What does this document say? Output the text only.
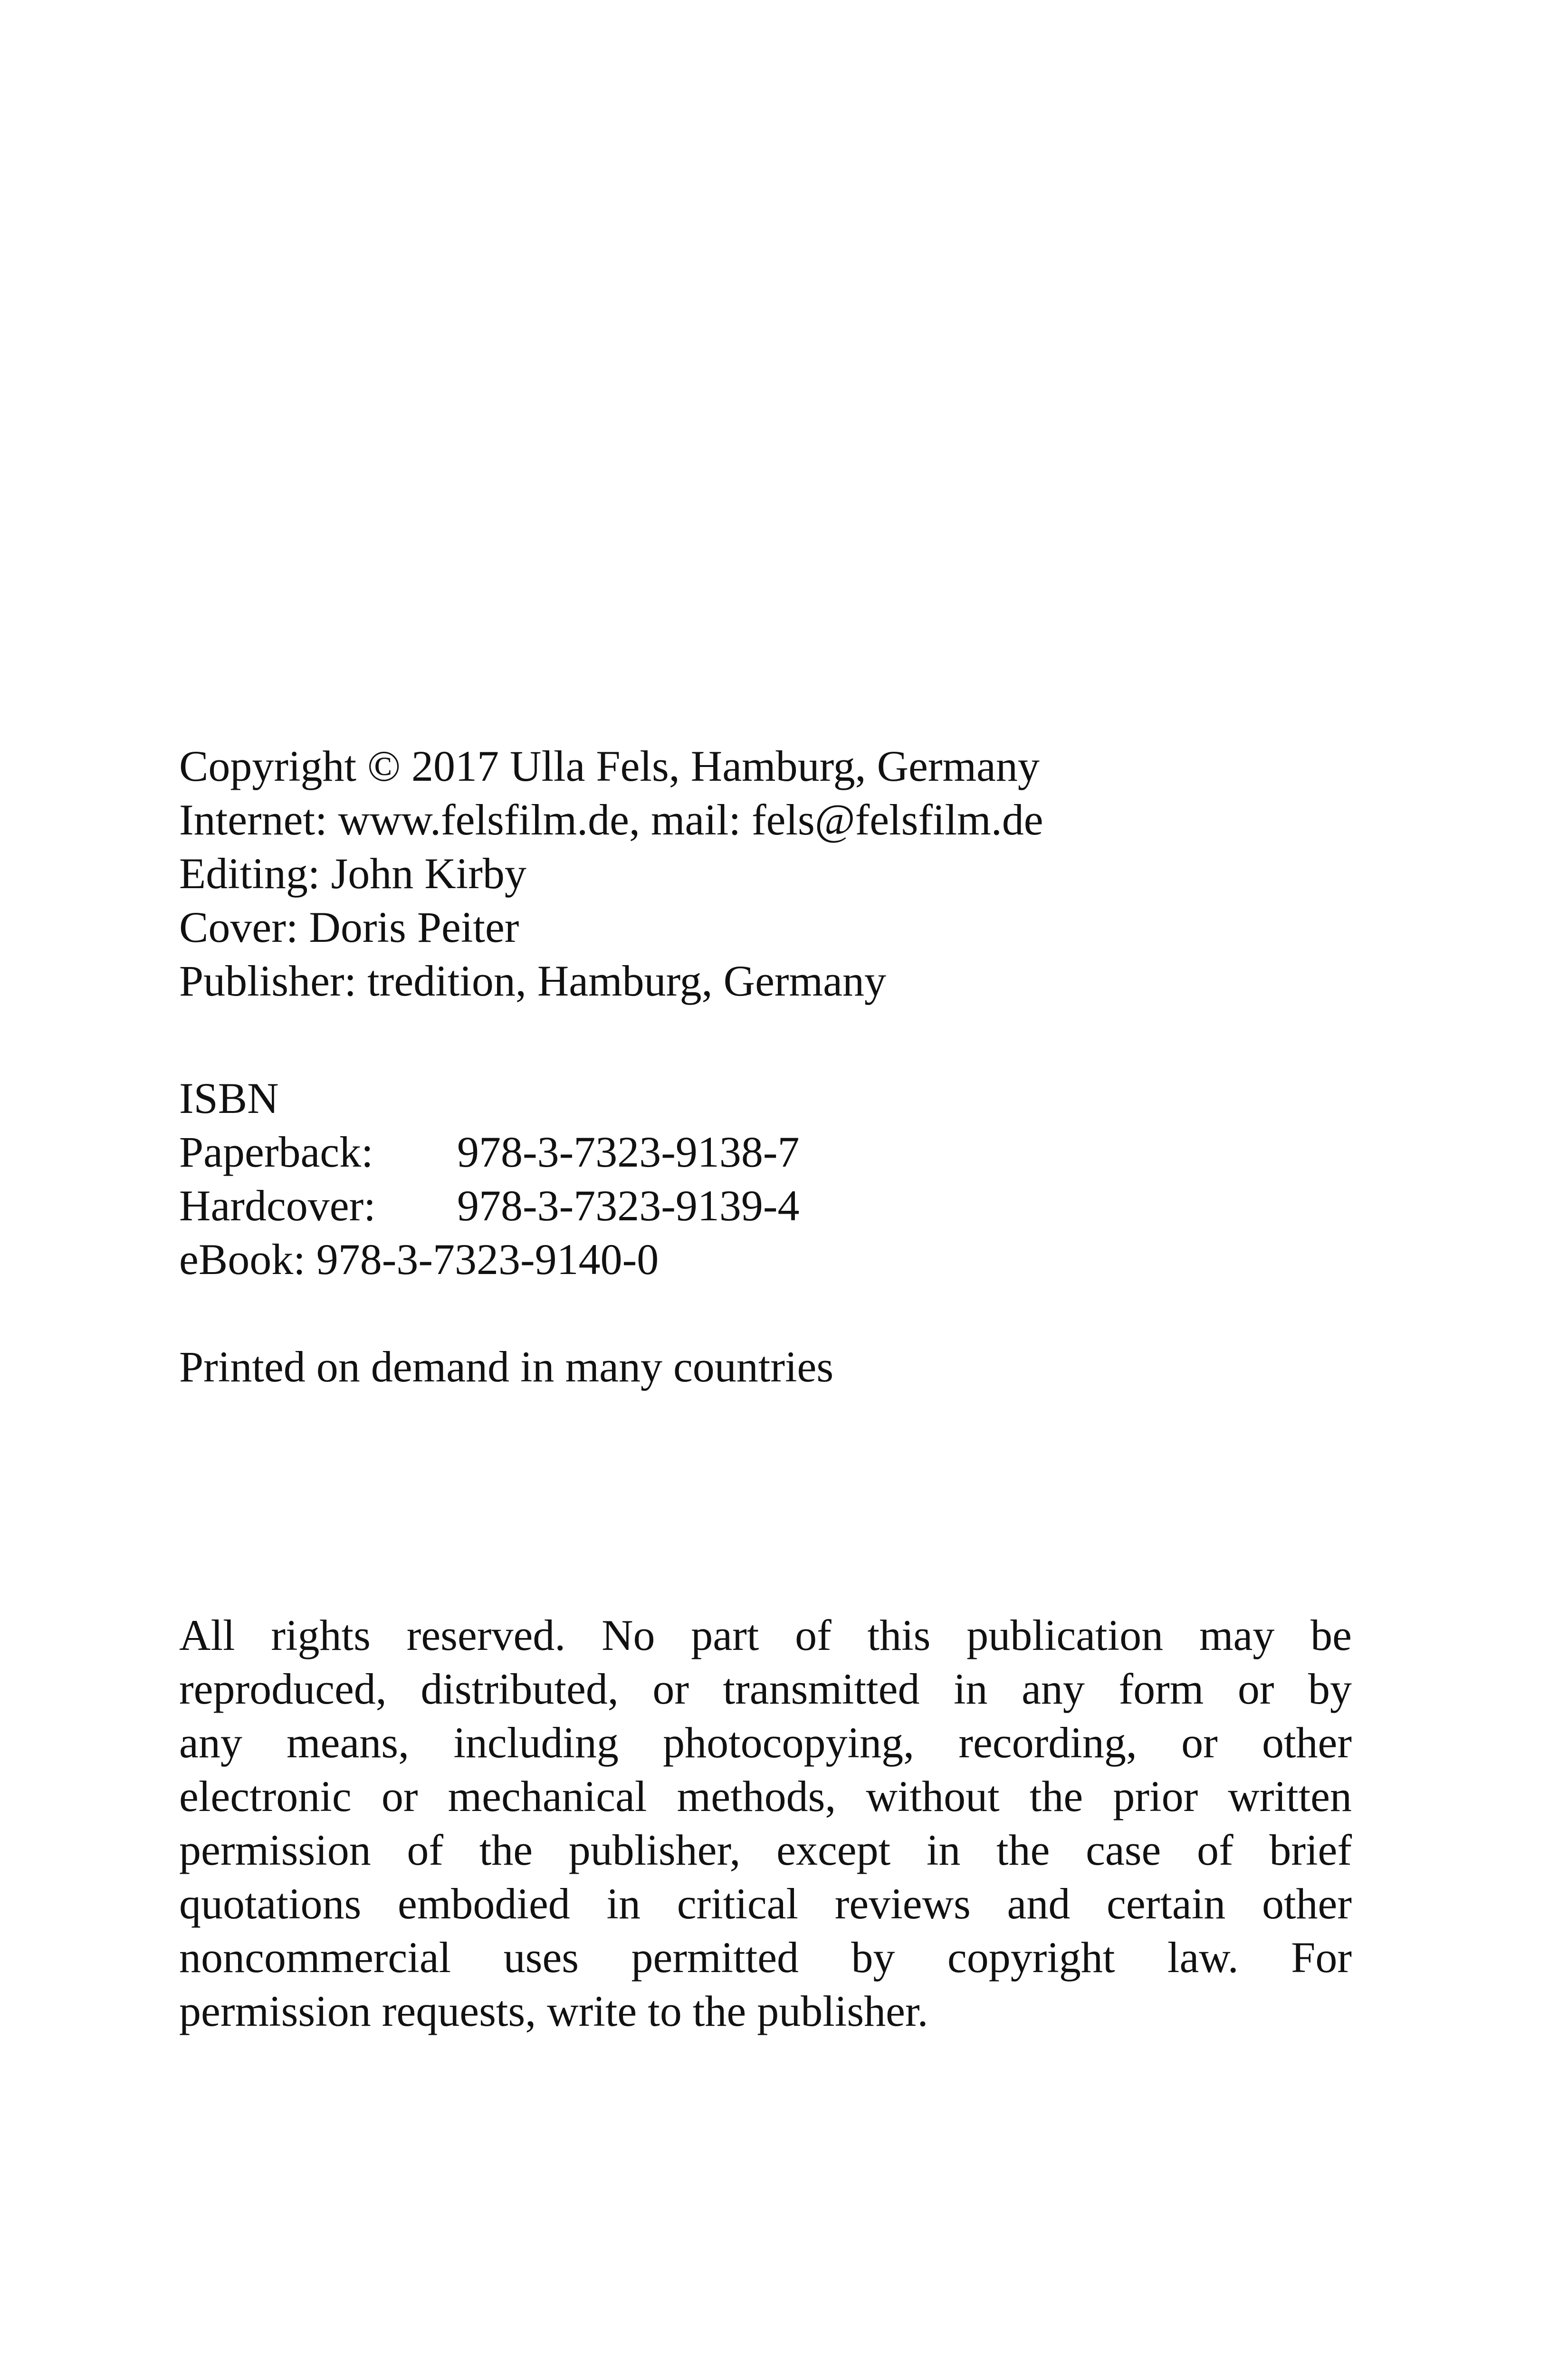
Copyright © 2017 Ulla Fels, Hamburg, Germany
Internet: www.felsfilm.de, mail: fels@felsfilm.de
Editing: John Kirby
Cover: Doris Peiter
Publisher: tredition, Hamburg, Germany
ISBN
Paperback:	978-3-7323-9138-7
Hardcover:	978-3-7323-9139-4
eBook: 978-3-7323-9140-0
Printed on demand in many countries
All rights reserved. No part of this publication may be
reproduced, distributed, or transmitted in any form or by
any means, including photocopying, recording, or other
electronic or mechanical methods, without the prior written
permission of the publisher, except in the case of brief
quotations embodied in critical reviews and certain other
noncommercial uses permitted by copyright law. For
permission requests, write to the publisher.
